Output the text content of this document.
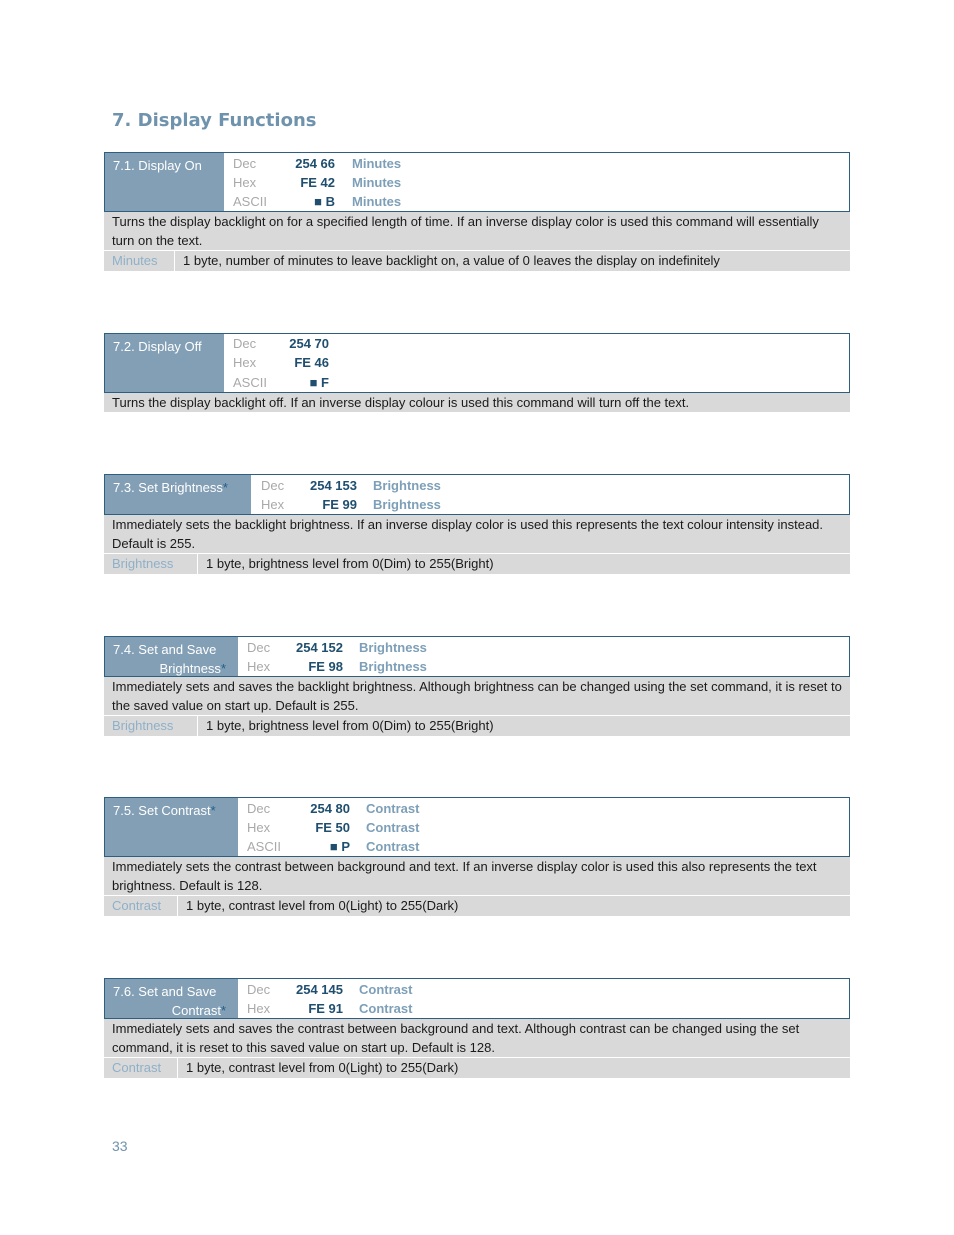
7. Display Functions
7.1. Display On	Dec	254 66 Minutes
Hex	FE 42 Minutes
ASCII	■ B Minutes
Turns the display backlight on for a specified length of time. If an inverse display color is used this command will essentially turn on the text.
Minutes 1 byte, number of minutes to leave backlight on, a value of 0 leaves the display on indefinitely
7.2. Display Off	Dec	254 70
Hex	FE 46
ASCII	■ F
Turns the display backlight off. If an inverse display colour is used this command will turn off the text.
7.3. Set Brightness*	Dec	254 153 Brightness
Hex	FE 99 Brightness
Immediately sets the backlight brightness. If an inverse display color is used this represents the text colour intensity instead. Default is 255.
Brightness	1 byte, brightness level from 0(Dim) to 255(Bright)
7.4. Set and Save
Brightness*
Dec	254 152 Brightness
Hex	FE 98 Brightness
Immediately sets and saves the backlight brightness. Although brightness can be changed using the set command, it is reset to the saved value on start up. Default is 255.
Brightness	1 byte, brightness level from 0(Dim) to 255(Bright)
7.5. Set Contrast*	Dec	254 80 Contrast
Hex	FE 50 Contrast
ASCII	■ P Contrast
Immediately sets the contrast between background and text. If an inverse display color is used this also represents the text brightness. Default is 128.
Contrast 1 byte, contrast level from 0(Light) to 255(Dark)
7.6. Set and Save
Contrast*
Dec	254 145 Contrast
Hex	FE 91 Contrast
Immediately sets and saves the contrast between background and text. Although contrast can be changed using the set command, it is reset to this saved value on start up. Default is 128.
Contrast 1 byte, contrast level from 0(Light) to 255(Dark)
33
